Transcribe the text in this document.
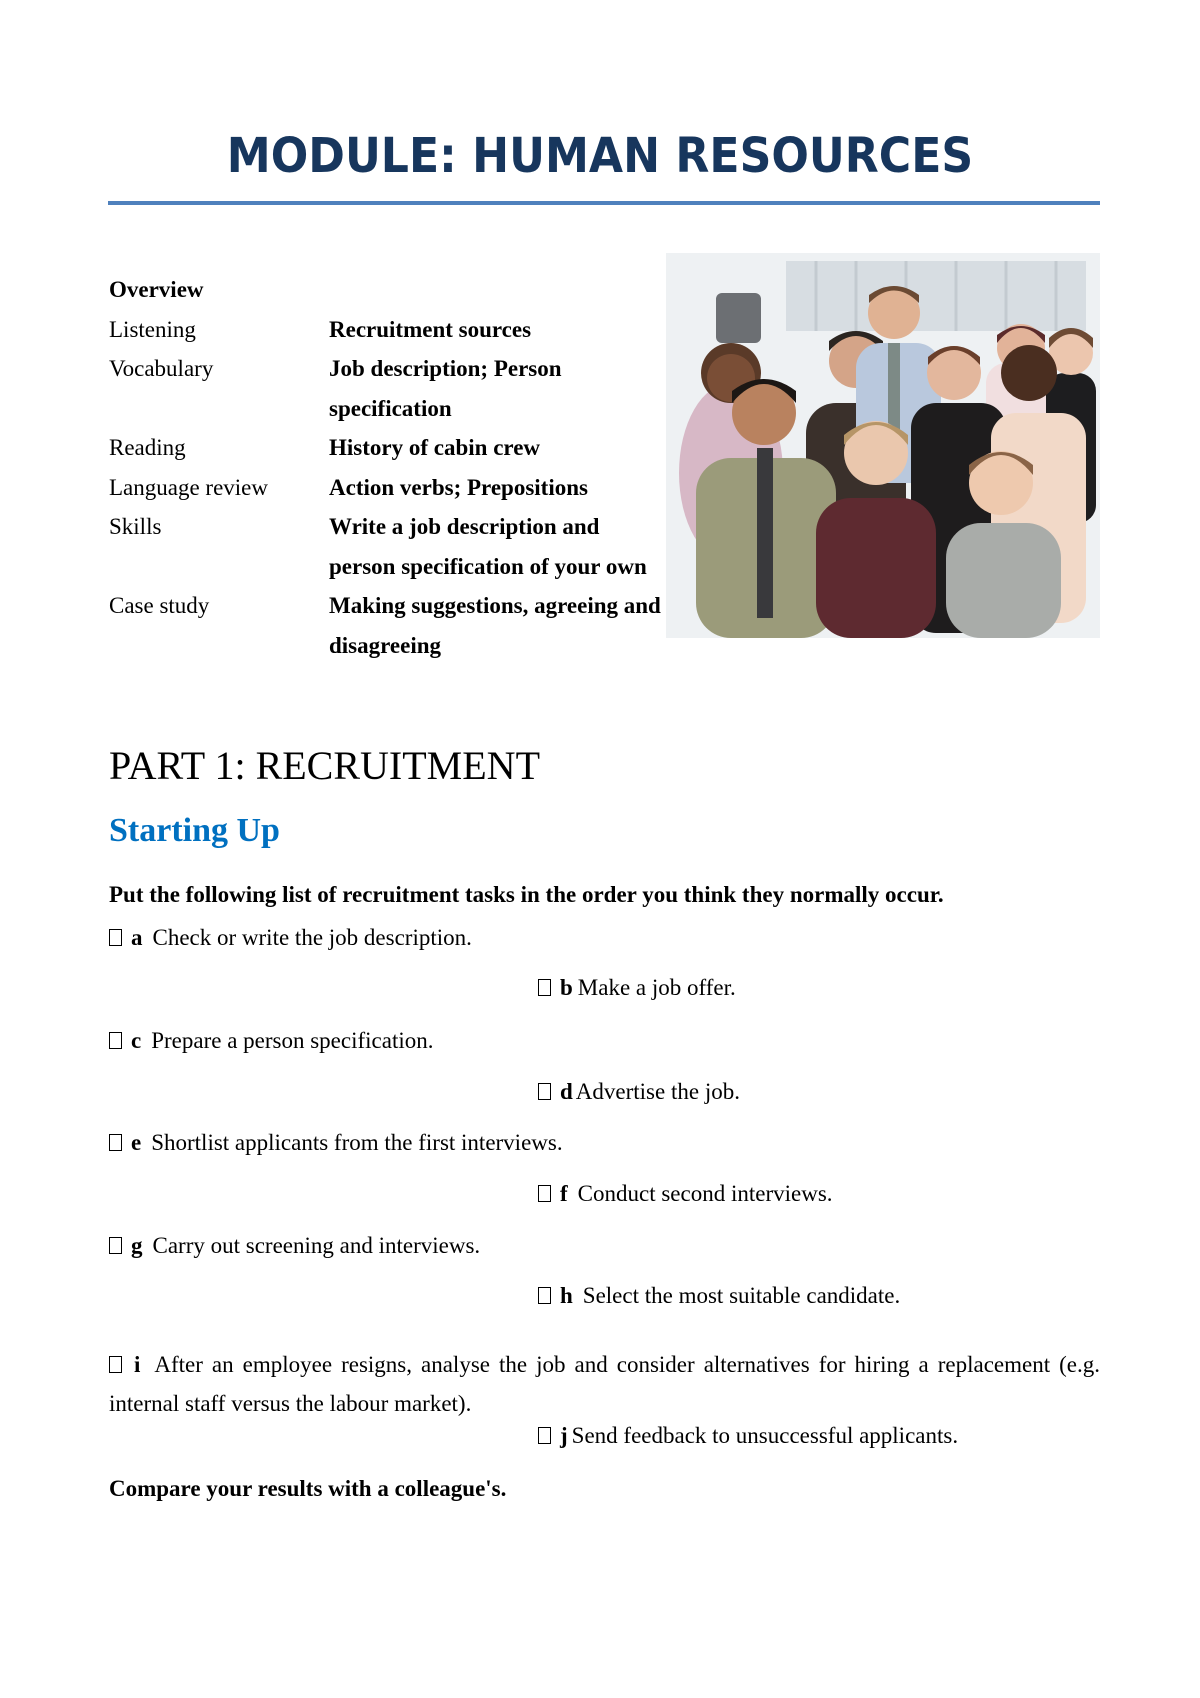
MODULE: HUMAN RESOURCES
Overview
Listening	Recruitment sources
Vocabulary	Job description; Person specification
Reading	History of cabin crew
Language review	Action verbs; Prepositions
Skills	Write a job description and person specification of your own
Case study	Making suggestions, agreeing and disagreeing
PART 1: RECRUITMENT
Starting Up
Put the following list of recruitment tasks in the order you think they normally occur.
a Check or write the job description.
b Make a job offer.
c Prepare a person specification.
d Advertise the job.
e Shortlist applicants from the first interviews.
f Conduct second interviews.
g Carry out screening and interviews.
h Select the most suitable candidate.
i After an employee resigns, analyse the job and consider alternatives for hiring a replacement (e.g. internal staff versus the labour market).
j Send feedback to unsuccessful applicants.
Compare your results with a colleague's.
